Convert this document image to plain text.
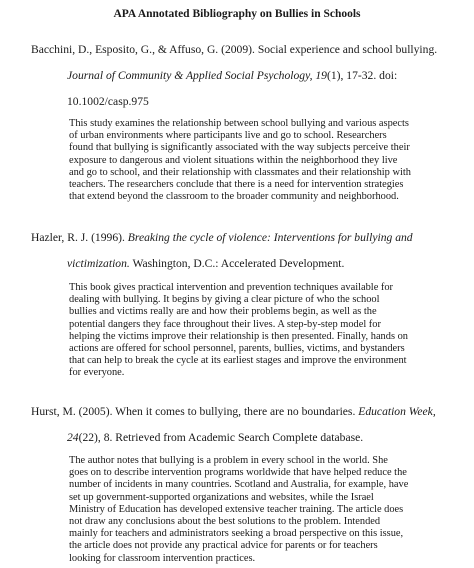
APA Annotated Bibliography on Bullies in Schools
Bacchini, D., Esposito, G., & Affuso, G. (2009). Social experience and school bullying.
Journal of Community & Applied Social Psychology, 19(1), 17-32. doi:
10.1002/casp.975
This study examines the relationship between school bullying and various aspects
of urban environments where participants live and go to school. Researchers
found that bullying is significantly associated with the way subjects perceive their
exposure to dangerous and violent situations within the neighborhood they live
and go to school, and their relationship with classmates and their relationship with
teachers. The researchers conclude that there is a need for intervention strategies
that extend beyond the classroom to the broader community and neighborhood.
Hazler, R. J. (1996). Breaking the cycle of violence: Interventions for bullying and
victimization. Washington, D.C.: Accelerated Development.
This book gives practical intervention and prevention techniques available for
dealing with bullying. It begins by giving a clear picture of who the school
bullies and victims really are and how their problems begin, as well as the
potential dangers they face throughout their lives. A step-by-step model for
helping the victims improve their relationship is then presented. Finally, hands on
actions are offered for school personnel, parents, bullies, victims, and bystanders
that can help to break the cycle at its earliest stages and improve the environment
for everyone.
Hurst, M. (2005). When it comes to bullying, there are no boundaries. Education Week,
24(22), 8. Retrieved from Academic Search Complete database.
The author notes that bullying is a problem in every school in the world. She
goes on to describe intervention programs worldwide that have helped reduce the
number of incidents in many countries. Scotland and Australia, for example, have
set up government-supported organizations and websites, while the Israel
Ministry of Education has developed extensive teacher training. The article does
not draw any conclusions about the best solutions to the problem. Intended
mainly for teachers and administrators seeking a broad perspective on this issue,
the article does not provide any practical advice for parents or for teachers
looking for classroom intervention practices.
